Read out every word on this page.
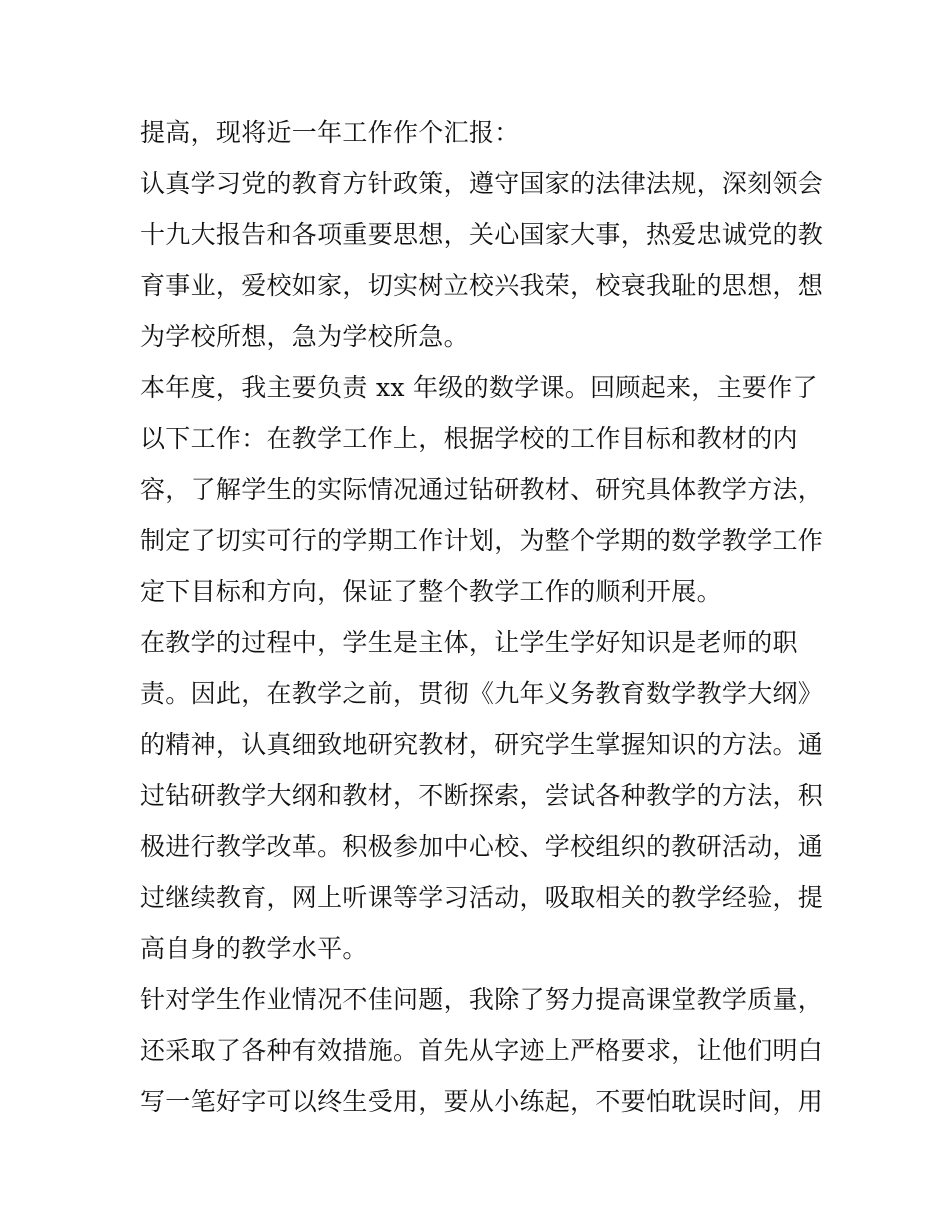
提高，现将近一年工作作个汇报：
认真学习党的教育方针政策，遵守国家的法律法规，深刻领会
十九大报告和各项重要思想，关心国家大事，热爱忠诚党的教
育事业，爱校如家，切实树立校兴我荣，校衰我耻的思想，想
为学校所想，急为学校所急。
本年度，我主要负责 xx 年级的数学课。回顾起来，主要作了
以下工作：在教学工作上，根据学校的工作目标和教材的内
容，了解学生的实际情况通过钻研教材、研究具体教学方法，
制定了切实可行的学期工作计划，为整个学期的数学教学工作
定下目标和方向，保证了整个教学工作的顺利开展。
在教学的过程中，学生是主体，让学生学好知识是老师的职
责。因此，在教学之前，贯彻《九年义务教育数学教学大纲》
的精神，认真细致地研究教材，研究学生掌握知识的方法。通
过钻研教学大纲和教材，不断探索，尝试各种教学的方法，积
极进行教学改革。积极参加中心校、学校组织的教研活动，通
过继续教育，网上听课等学习活动，吸取相关的教学经验，提
高自身的教学水平。
针对学生作业情况不佳问题，我除了努力提高课堂教学质量，
还采取了各种有效措施。首先从字迹上严格要求，让他们明白
写一笔好字可以终生受用，要从小练起，不要怕耽误时间，用
